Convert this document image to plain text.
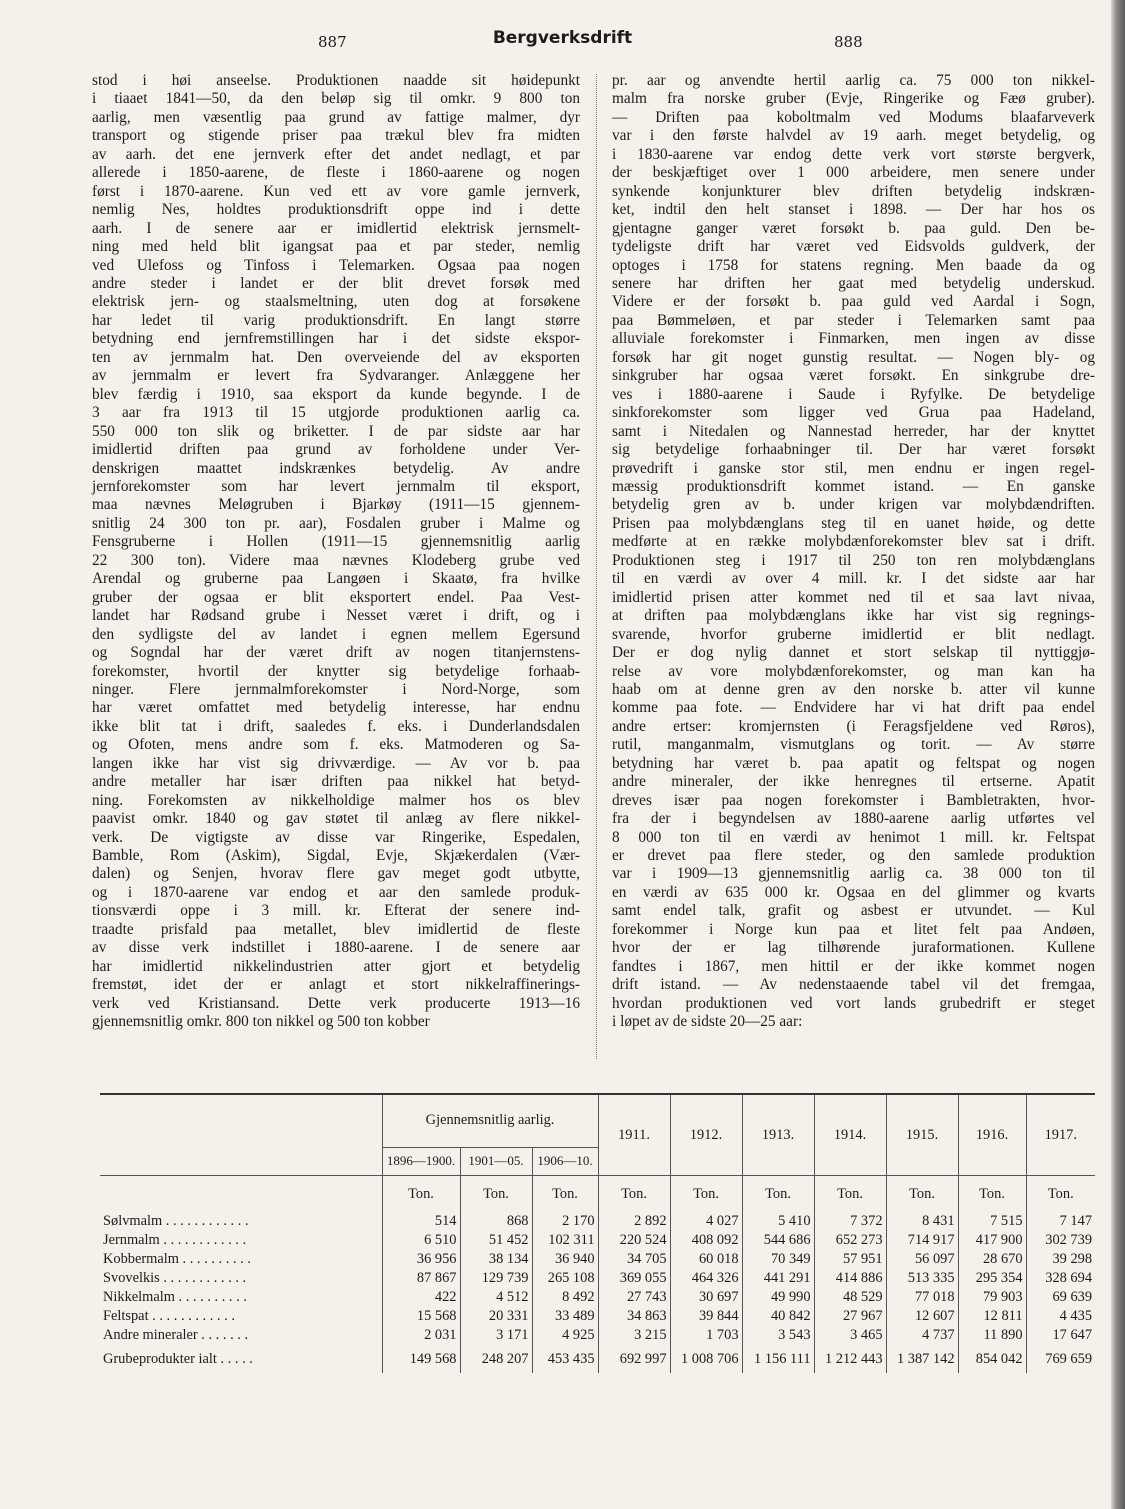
887	Bergverksdrift	888
stod i høi anseelse. Produktionen naadde sit høidepunkt
i tiaaet 1841—50, da den beløp sig til omkr. 9 800 ton
aarlig, men væsentlig paa grund av fattige malmer, dyr
transport og stigende priser paa trækul blev fra midten
av aarh. det ene jernverk efter det andet nedlagt, et par
allerede i 1850-aarene, de fleste i 1860-aarene og nogen
først i 1870-aarene. Kun ved ett av vore gamle jernverk,
nemlig Nes, holdtes produktionsdrift oppe ind i dette
aarh. I de senere aar er imidlertid elektrisk jernsmelt-
ning med held blit igangsat paa et par steder, nemlig
ved Ulefoss og Tinfoss i Telemarken. Ogsaa paa nogen
andre steder i landet er der blit drevet forsøk med
elektrisk jern- og staalsmeltning, uten dog at forsøkene
har ledet til varig produktionsdrift. En langt større
betydning end jernfremstillingen har i det sidste ekspor-
ten av jernmalm hat. Den overveiende del av eksporten
av jernmalm er levert fra Sydvaranger. Anlæggene her
blev færdig i 1910, saa eksport da kunde begynde. I de
3 aar fra 1913 til 15 utgjorde produktionen aarlig ca.
550 000 ton slik og briketter. I de par sidste aar har
imidlertid driften paa grund av forholdene under Ver-
denskrigen maattet indskrænkes betydelig. Av andre
jernforekomster som har levert jernmalm til eksport,
maa nævnes Meløgruben i Bjarkøy (1911—15 gjennem-
snitlig 24 300 ton pr. aar), Fosdalen gruber i Malme og
Fensgruberne i Hollen (1911—15 gjennemsnitlig aarlig
22 300 ton). Videre maa nævnes Klodeberg grube ved
Arendal og gruberne paa Langøen i Skaatø, fra hvilke
gruber der ogsaa er blit eksportert endel. Paa Vest-
landet har Rødsand grube i Nesset været i drift, og i
den sydligste del av landet i egnen mellem Egersund
og Sogndal har der været drift av nogen titanjernstens-
forekomster, hvortil der knytter sig betydelige forhaab-
ninger. Flere jernmalmforekomster i Nord-Norge, som
har været omfattet med betydelig interesse, har endnu
ikke blit tat i drift, saaledes f. eks. i Dunderlandsdalen
og Ofoten, mens andre som f. eks. Matmoderen og Sa-
langen ikke har vist sig drivværdige. — Av vor b. paa
andre metaller har især driften paa nikkel hat betyd-
ning. Forekomsten av nikkelholdige malmer hos os blev
paavist omkr. 1840 og gav støtet til anlæg av flere nikkel-
verk. De vigtigste av disse var Ringerike, Espedalen,
Bamble, Rom (Askim), Sigdal, Evje, Skjækerdalen (Vær-
dalen) og Senjen, hvorav flere gav meget godt utbytte,
og i 1870-aarene var endog et aar den samlede produk-
tionsværdi oppe i 3 mill. kr. Efterat der senere ind-
traadte prisfald paa metallet, blev imidlertid de fleste
av disse verk indstillet i 1880-aarene. I de senere aar
har imidlertid nikkelindustrien atter gjort et betydelig
fremstøt, idet der er anlagt et stort nikkelraffinerings-
verk ved Kristiansand. Dette verk producerte 1913—16
gjennemsnitlig omkr. 800 ton nikkel og 500 ton kobber
pr. aar og anvendte hertil aarlig ca. 75 000 ton nikkel-
malm fra norske gruber (Evje, Ringerike og Fæø gruber).
— Driften paa koboltmalm ved Modums blaafarveverk
var i den første halvdel av 19 aarh. meget betydelig, og
i 1830-aarene var endog dette verk vort største bergverk,
der beskjæftiget over 1 000 arbeidere, men senere under
synkende konjunkturer blev driften betydelig indskræn-
ket, indtil den helt stanset i 1898. — Der har hos os
gjentagne ganger været forsøkt b. paa guld. Den be-
tydeligste drift har været ved Eidsvolds guldverk, der
optoges i 1758 for statens regning. Men baade da og
senere har driften her gaat med betydelig underskud.
Videre er der forsøkt b. paa guld ved Aardal i Sogn,
paa Bømmeløen, et par steder i Telemarken samt paa
alluviale forekomster i Finmarken, men ingen av disse
forsøk har git noget gunstig resultat. — Nogen bly- og
sinkgruber har ogsaa været forsøkt. En sinkgrube dre-
ves i 1880-aarene i Saude i Ryfylke. De betydelige
sinkforekomster som ligger ved Grua paa Hadeland,
samt i Nitedalen og Nannestad herreder, har der knyttet
sig betydelige forhaabninger til. Der har været forsøkt
prøvedrift i ganske stor stil, men endnu er ingen regel-
mæssig produktionsdrift kommet istand. — En ganske
betydelig gren av b. under krigen var molybdændriften.
Prisen paa molybdænglans steg til en uanet høide, og dette
medførte at en række molybdænforekomster blev sat i drift.
Produktionen steg i 1917 til 250 ton ren molybdænglans
til en værdi av over 4 mill. kr. I det sidste aar har
imidlertid prisen atter kommet ned til et saa lavt nivaa,
at driften paa molybdænglans ikke har vist sig regnings-
svarende, hvorfor gruberne imidlertid er blit nedlagt.
Der er dog nylig dannet et stort selskap til nyttiggjø-
relse av vore molybdænforekomster, og man kan ha
haab om at denne gren av den norske b. atter vil kunne
komme paa fote. — Endvidere har vi hat drift paa endel
andre ertser: kromjernsten (i Feragsfjeldene ved Røros),
rutil, manganmalm, vismutglans og torit. — Av større
betydning har været b. paa apatit og feltspat og nogen
andre mineraler, der ikke henregnes til ertserne. Apatit
dreves især paa nogen forekomster i Bambletrakten, hvor-
fra der i begyndelsen av 1880-aarene aarlig utførtes vel
8 000 ton til en værdi av henimot 1 mill. kr. Feltspat
er drevet paa flere steder, og den samlede produktion
var i 1909—13 gjennemsnitlig aarlig ca. 38 000 ton til
en værdi av 635 000 kr. Ogsaa en del glimmer og kvarts
samt endel talk, grafit og asbest er utvundet. — Kul
forekommer i Norge kun paa et litet felt paa Andøen,
hvor der er lag tilhørende juraformationen. Kullene
fandtes i 1867, men hittil er der ikke kommet nogen
drift istand. — Av nedenstaaende tabel vil det fremgaa,
hvordan produktionen ved vort lands grubedrift er steget
i løpet av de sidste 20—25 aar:
	Gjennemsnitlig aarlig.			1911.	1912.	1913.	1914.	1915.	1916.	1917.
	1896—1900.	1901—05.	1906—10.							
	Ton.	Ton.	Ton.	Ton.	Ton.	Ton.	Ton.	Ton.	Ton.	Ton.
Sølvmalm . . . . . . . . . . . .	514	868	2 170	2 892	4 027	5 410	7 372	8 431	7 515	7 147
Jernmalm . . . . . . . . . . . .	6 510	51 452	102 311	220 524	408 092	544 686	652 273	714 917	417 900	302 739
Kobbermalm . . . . . . . . . .	36 956	38 134	36 940	34 705	60 018	70 349	57 951	56 097	28 670	39 298
Svovelkis . . . . . . . . . . . .	87 867	129 739	265 108	369 055	464 326	441 291	414 886	513 335	295 354	328 694
Nikkelmalm . . . . . . . . . .	422	4 512	8 492	27 743	30 697	49 990	48 529	77 018	79 903	69 639
Feltspat . . . . . . . . . . . .	15 568	20 331	33 489	34 863	39 844	40 842	27 967	12 607	12 811	4 435
Andre mineraler . . . . . . .	2 031	3 171	4 925	3 215	1 703	3 543	3 465	4 737	11 890	17 647
Grubeprodukter ialt . . . . .	149 568	248 207	453 435	692 997	1 008 706	1 156 111	1 212 443	1 387 142	854 042	769 659
